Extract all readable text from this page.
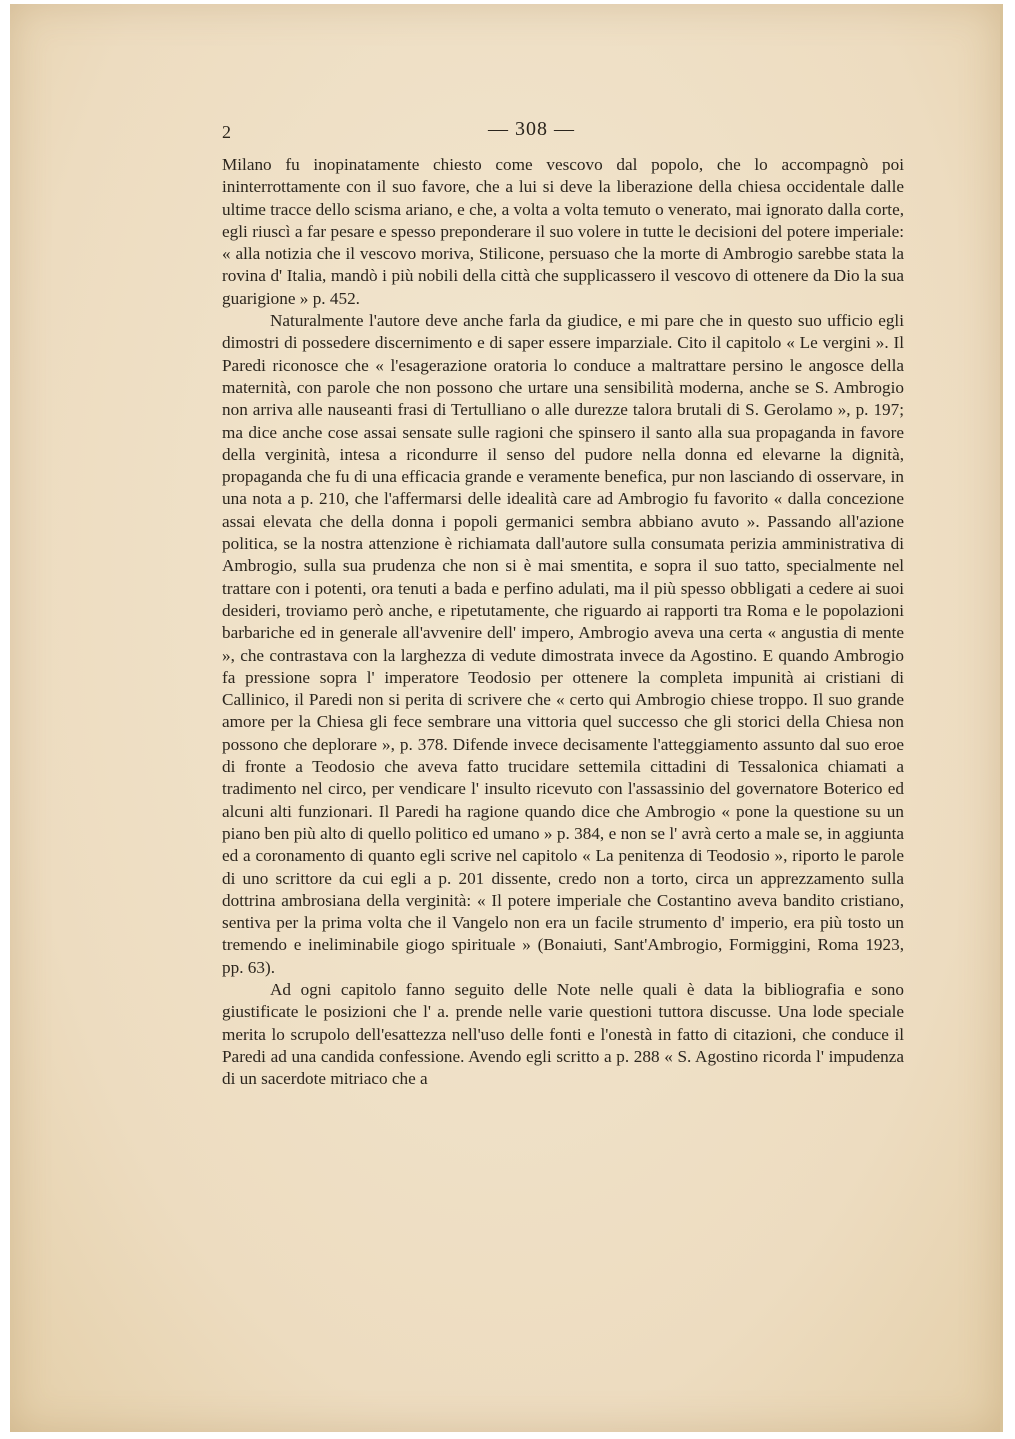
2	— 308 —

Milano fu inopinatamente chiesto come vescovo dal popolo, che lo accompagnò poi ininterrottamente con il suo favore, che a lui si deve la liberazione della chiesa occidentale dalle ultime tracce dello scisma ariano, e che, a volta a volta temuto o venerato, mai ignorato dalla corte, egli riuscì a far pesare e spesso preponderare il suo volere in tutte le decisioni del potere imperiale: « alla notizia che il vescovo moriva, Stilicone, persuaso che la morte di Ambrogio sarebbe stata la rovina d' Italia, mandò i più nobili della città che supplicassero il vescovo di ottenere da Dio la sua guarigione » p. 452.

Naturalmente l'autore deve anche farla da giudice, e mi pare che in questo suo ufficio egli dimostri di possedere discernimento e di saper essere imparziale. Cito il capitolo « Le vergini ». Il Paredi riconosce che « l'esagerazione oratoria lo conduce a maltrattare persino le angosce della maternità, con parole che non possono che urtare una sensibilità moderna, anche se S. Ambrogio non arriva alle nauseanti frasi di Tertulliano o alle durezze talora brutali di S. Gerolamo », p. 197; ma dice anche cose assai sensate sulle ragioni che spinsero il santo alla sua propaganda in favore della verginità, intesa a ricondurre il senso del pudore nella donna ed elevarne la dignità, propaganda che fu di una efficacia grande e veramente benefica, pur non lasciando di osservare, in una nota a p. 210, che l'affermarsi delle idealità care ad Ambrogio fu favorito « dalla concezione assai elevata che della donna i popoli germanici sembra abbiano avuto ». Passando all'azione politica, se la nostra attenzione è richiamata dall'autore sulla consumata perizia amministrativa di Ambrogio, sulla sua prudenza che non si è mai smentita, e sopra il suo tatto, specialmente nel trattare con i potenti, ora tenuti a bada e perfino adulati, ma il più spesso obbligati a cedere ai suoi desideri, troviamo però anche, e ripetutamente, che riguardo ai rapporti tra Roma e le popolazioni barbariche ed in generale all'avvenire dell' impero, Ambrogio aveva una certa « angustia di mente », che contrastava con la larghezza di vedute dimostrata invece da Agostino. E quando Ambrogio fa pressione sopra l' imperatore Teodosio per ottenere la completa impunità ai cristiani di Callinico, il Paredi non si perita di scrivere che « certo qui Ambrogio chiese troppo. Il suo grande amore per la Chiesa gli fece sembrare una vittoria quel successo che gli storici della Chiesa non possono che deplorare », p. 378. Difende invece decisamente l'atteggiamento assunto dal suo eroe di fronte a Teodosio che aveva fatto trucidare settemila cittadini di Tessalonica chiamati a tradimento nel circo, per vendicare l' insulto ricevuto con l'assassinio del governatore Boterico ed alcuni alti funzionari. Il Paredi ha ragione quando dice che Ambrogio « pone la questione su un piano ben più alto di quello politico ed umano » p. 384, e non se l' avrà certo a male se, in aggiunta ed a coronamento di quanto egli scrive nel capitolo « La penitenza di Teodosio », riporto le parole di uno scrittore da cui egli a p. 201 dissente, credo non a torto, circa un apprezzamento sulla dottrina ambrosiana della verginità: « Il potere imperiale che Costantino aveva bandito cristiano, sentiva per la prima volta che il Vangelo non era un facile strumento d' imperio, era più tosto un tremendo e ineliminabile giogo spirituale » (Bonaiuti, Sant'Ambrogio, Formiggini, Roma 1923, pp. 63).

Ad ogni capitolo fanno seguito delle Note nelle quali è data la bibliografia e sono giustificate le posizioni che l' a. prende nelle varie questioni tuttora discusse. Una lode speciale merita lo scrupolo dell'esattezza nell'uso delle fonti e l'onestà in fatto di citazioni, che conduce il Paredi ad una candida confessione. Avendo egli scritto a p. 288 « S. Agostino ricorda l' impudenza di un sacerdote mitriaco che a
